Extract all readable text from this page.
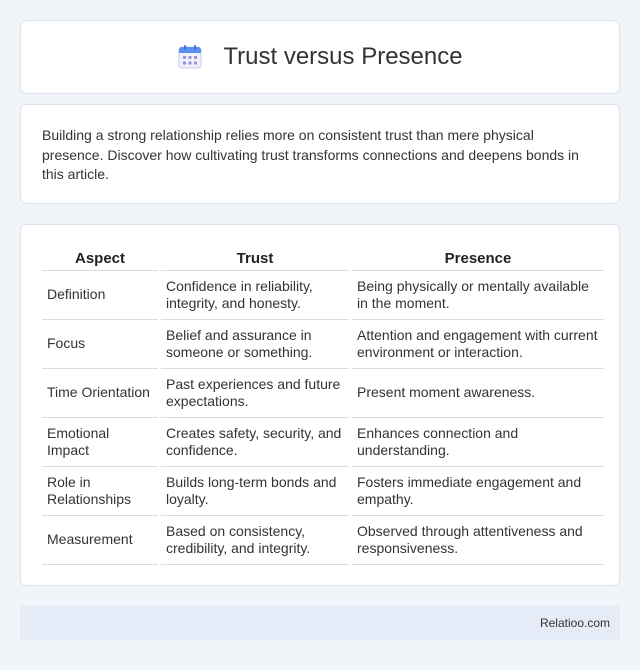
Trust versus Presence

Building a strong relationship relies more on consistent trust than mere physical presence. Discover how cultivating trust transforms connections and deepens bonds in this article.

Aspect	Trust	Presence
Definition	Confidence in reliability, integrity, and honesty.	Being physically or mentally available in the moment.
Focus	Belief and assurance in someone or something.	Attention and engagement with current environment or interaction.
Time Orientation	Past experiences and future expectations.	Present moment awareness.
Emotional Impact	Creates safety, security, and confidence.	Enhances connection and understanding.
Role in Relationships	Builds long-term bonds and loyalty.	Fosters immediate engagement and empathy.
Measurement	Based on consistency, credibility, and integrity.	Observed through attentiveness and responsiveness.
Relatioo.com
